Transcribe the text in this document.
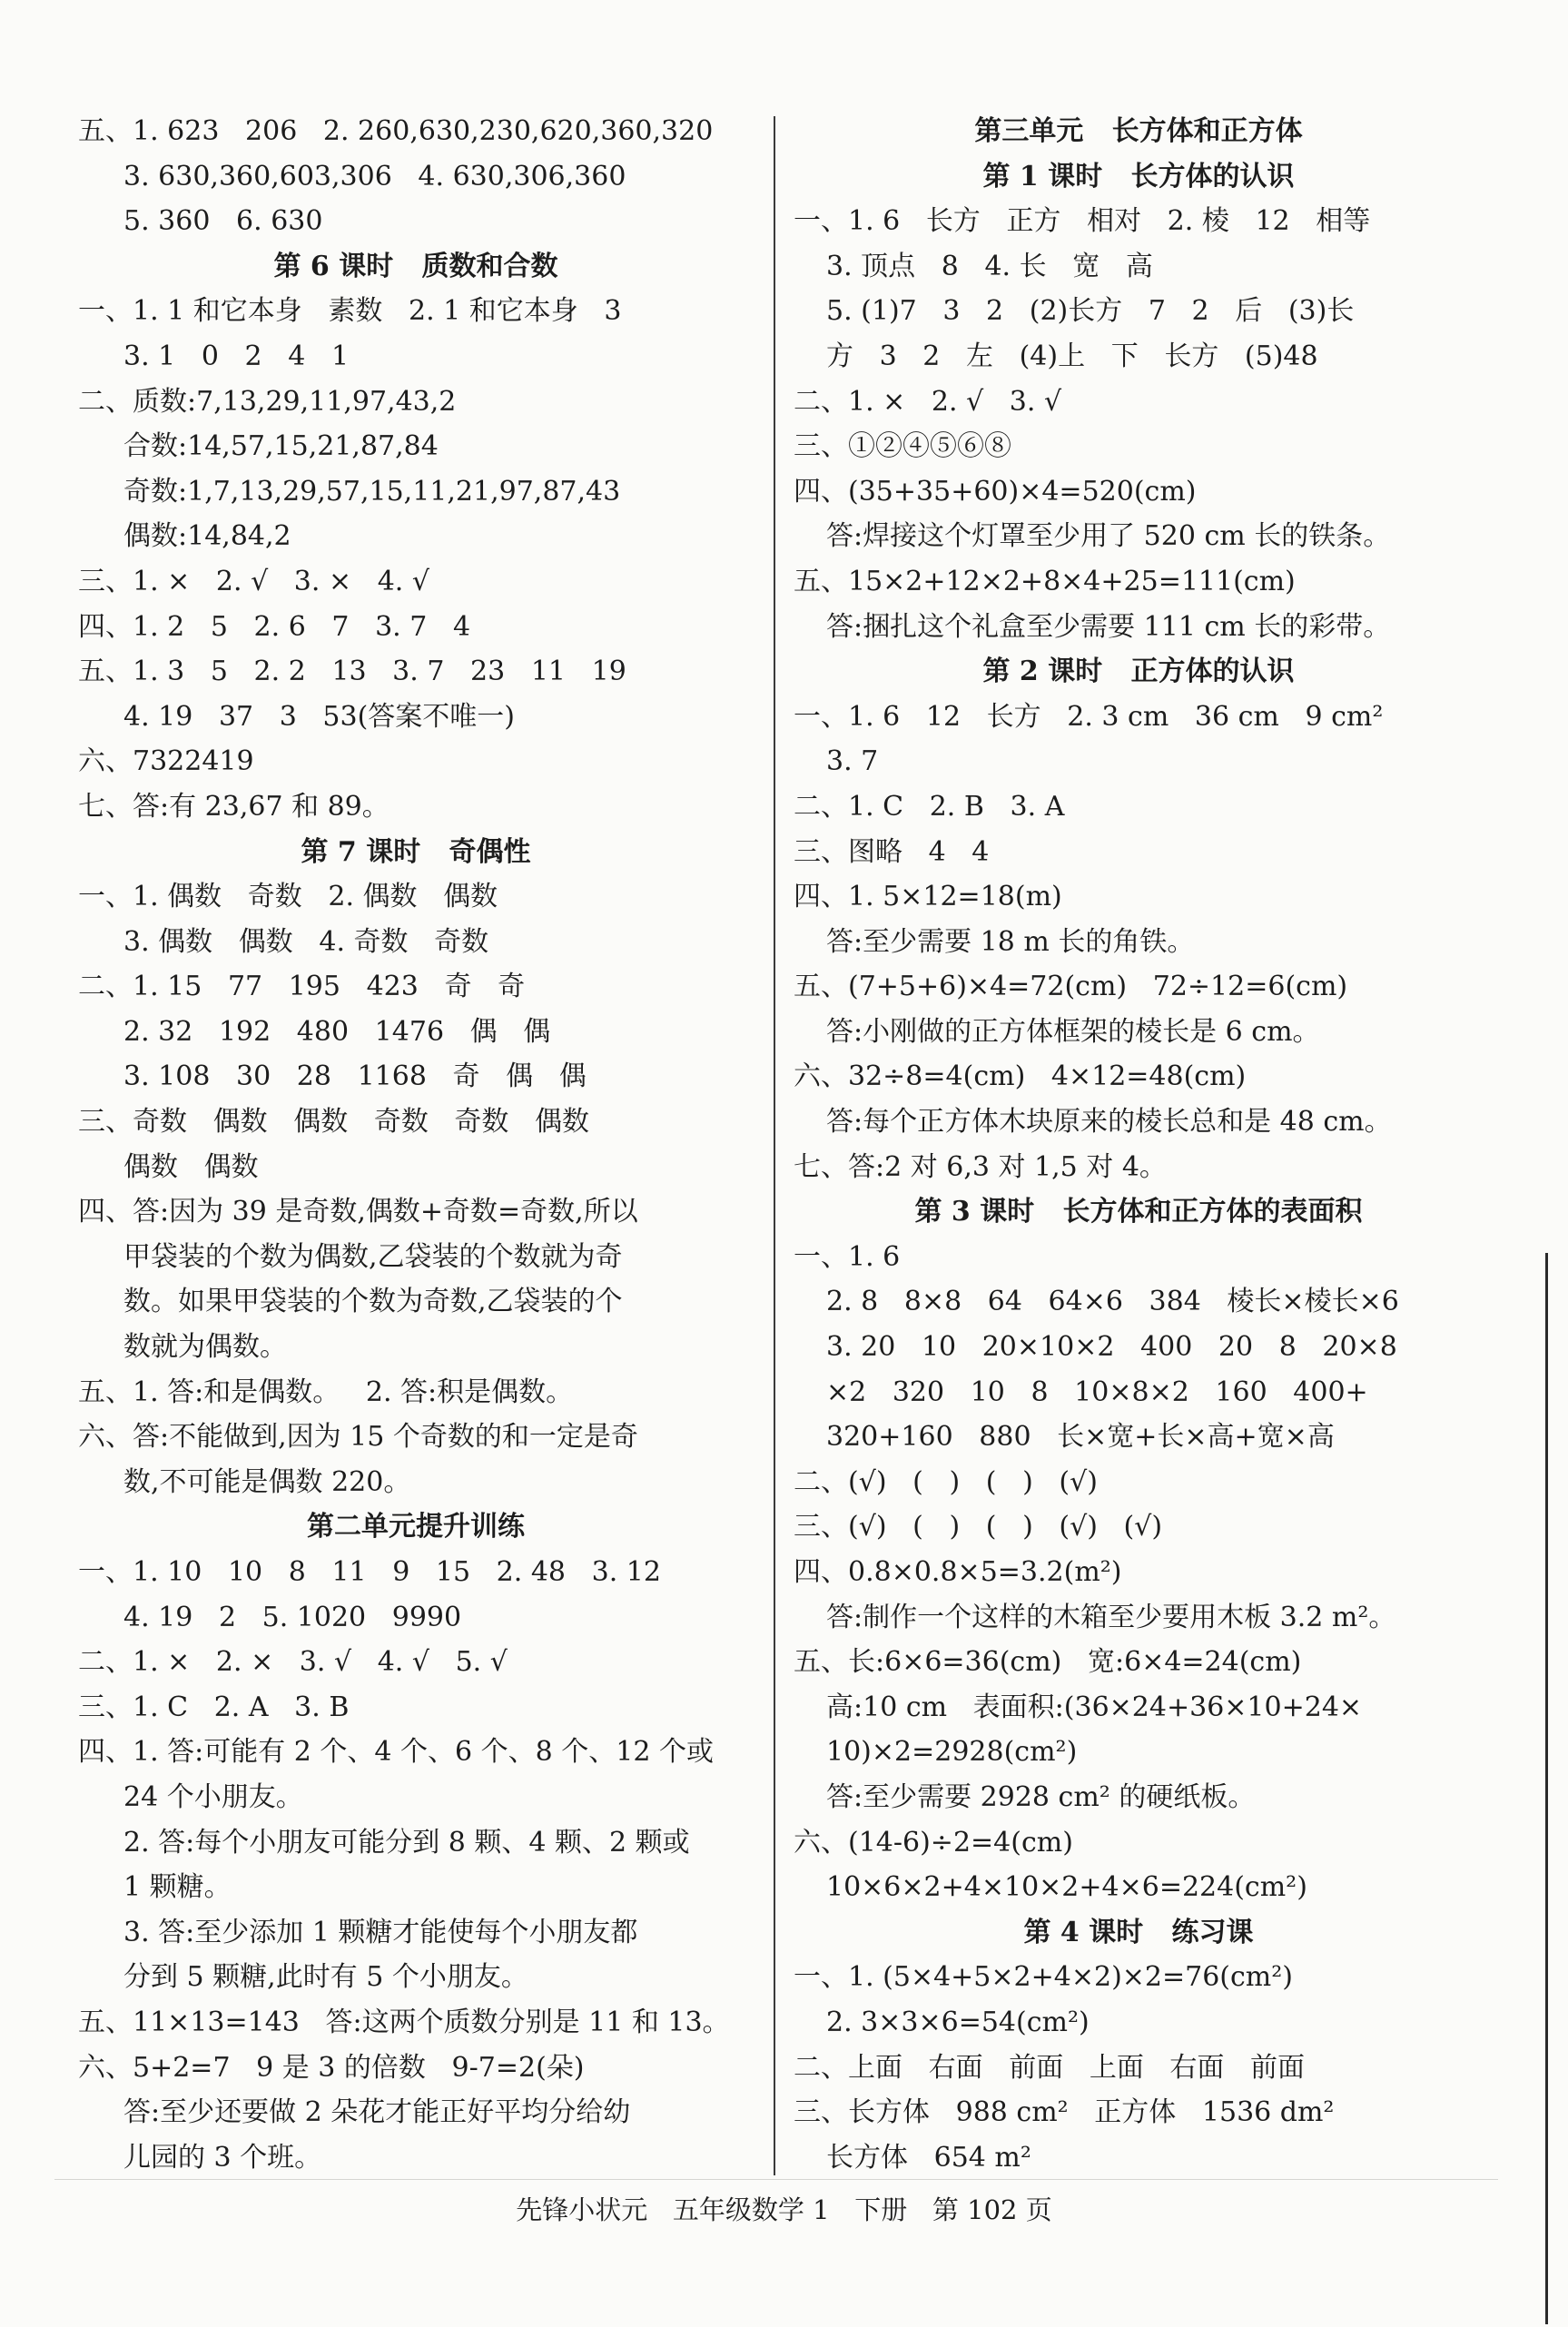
五、1. 623   206   2. 260,630,230,620,360,320
3. 630,360,603,306   4. 630,306,360
5. 360   6. 630
第 6 课时   质数和合数
一、1. 1 和它本身   素数   2. 1 和它本身   3
3. 1   0   2   4   1
二、质数:7,13,29,11,97,43,2
合数:14,57,15,21,87,84
奇数:1,7,13,29,57,15,11,21,97,87,43
偶数:14,84,2
三、1. ×   2. √   3. ×   4. √
四、1. 2   5   2. 6   7   3. 7   4
五、1. 3   5   2. 2   13   3. 7   23   11   19
4. 19   37   3   53(答案不唯一)
六、7322419
七、答:有 23,67 和 89。
第 7 课时   奇偶性
一、1. 偶数   奇数   2. 偶数   偶数
3. 偶数   偶数   4. 奇数   奇数
二、1. 15   77   195   423   奇   奇
2. 32   192   480   1476   偶   偶
3. 108   30   28   1168   奇   偶   偶
三、奇数   偶数   偶数   奇数   奇数   偶数
偶数   偶数
四、答:因为 39 是奇数,偶数+奇数=奇数,所以
甲袋装的个数为偶数,乙袋装的个数就为奇
数。如果甲袋装的个数为奇数,乙袋装的个
数就为偶数。
五、1. 答:和是偶数。   2. 答:积是偶数。
六、答:不能做到,因为 15 个奇数的和一定是奇
数,不可能是偶数 220。
第二单元提升训练
一、1. 10   10   8   11   9   15   2. 48   3. 12
4. 19   2   5. 1020   9990
二、1. ×   2. ×   3. √   4. √   5. √
三、1. C   2. A   3. B
四、1. 答:可能有 2 个、4 个、6 个、8 个、12 个或
24 个小朋友。
2. 答:每个小朋友可能分到 8 颗、4 颗、2 颗或
1 颗糖。
3. 答:至少添加 1 颗糖才能使每个小朋友都
分到 5 颗糖,此时有 5 个小朋友。
五、11×13=143   答:这两个质数分别是 11 和 13。
六、5+2=7   9 是 3 的倍数   9-7=2(朵)
答:至少还要做 2 朵花才能正好平均分给幼
儿园的 3 个班。
第三单元   长方体和正方体
第 1 课时   长方体的认识
一、1. 6   长方   正方   相对   2. 棱   12   相等
3. 顶点   8   4. 长   宽   高
5. (1)7   3   2   (2)长方   7   2   后   (3)长
方   3   2   左   (4)上   下   长方   (5)48
二、1. ×   2. √   3. √
三、①②④⑤⑥⑧
四、(35+35+60)×4=520(cm)
答:焊接这个灯罩至少用了 520 cm 长的铁条。
五、15×2+12×2+8×4+25=111(cm)
答:捆扎这个礼盒至少需要 111 cm 长的彩带。
第 2 课时   正方体的认识
一、1. 6   12   长方   2. 3 cm   36 cm   9 cm²
3. 7
二、1. C   2. B   3. A
三、图略   4   4
四、1. 5×12=18(m)
答:至少需要 18 m 长的角铁。
五、(7+5+6)×4=72(cm)   72÷12=6(cm)
答:小刚做的正方体框架的棱长是 6 cm。
六、32÷8=4(cm)   4×12=48(cm)
答:每个正方体木块原来的棱长总和是 48 cm。
七、答:2 对 6,3 对 1,5 对 4。
第 3 课时   长方体和正方体的表面积
一、1. 6
2. 8   8×8   64   64×6   384   棱长×棱长×6
3. 20   10   20×10×2   400   20   8   20×8
×2   320   10   8   10×8×2   160   400+
320+160   880   长×宽+长×高+宽×高
二、(√)   (   )   (   )   (√)
三、(√)   (   )   (   )   (√)   (√)
四、0.8×0.8×5=3.2(m²)
答:制作一个这样的木箱至少要用木板 3.2 m²。
五、长:6×6=36(cm)   宽:6×4=24(cm)
高:10 cm   表面积:(36×24+36×10+24×
10)×2=2928(cm²)
答:至少需要 2928 cm² 的硬纸板。
六、(14-6)÷2=4(cm)
10×6×2+4×10×2+4×6=224(cm²)
第 4 课时   练习课
一、1. (5×4+5×2+4×2)×2=76(cm²)
2. 3×3×6=54(cm²)
二、上面   右面   前面   上面   右面   前面
三、长方体   988 cm²   正方体   1536 dm²
长方体   654 m²
先锋小状元   五年级数学 1   下册   第 102 页
